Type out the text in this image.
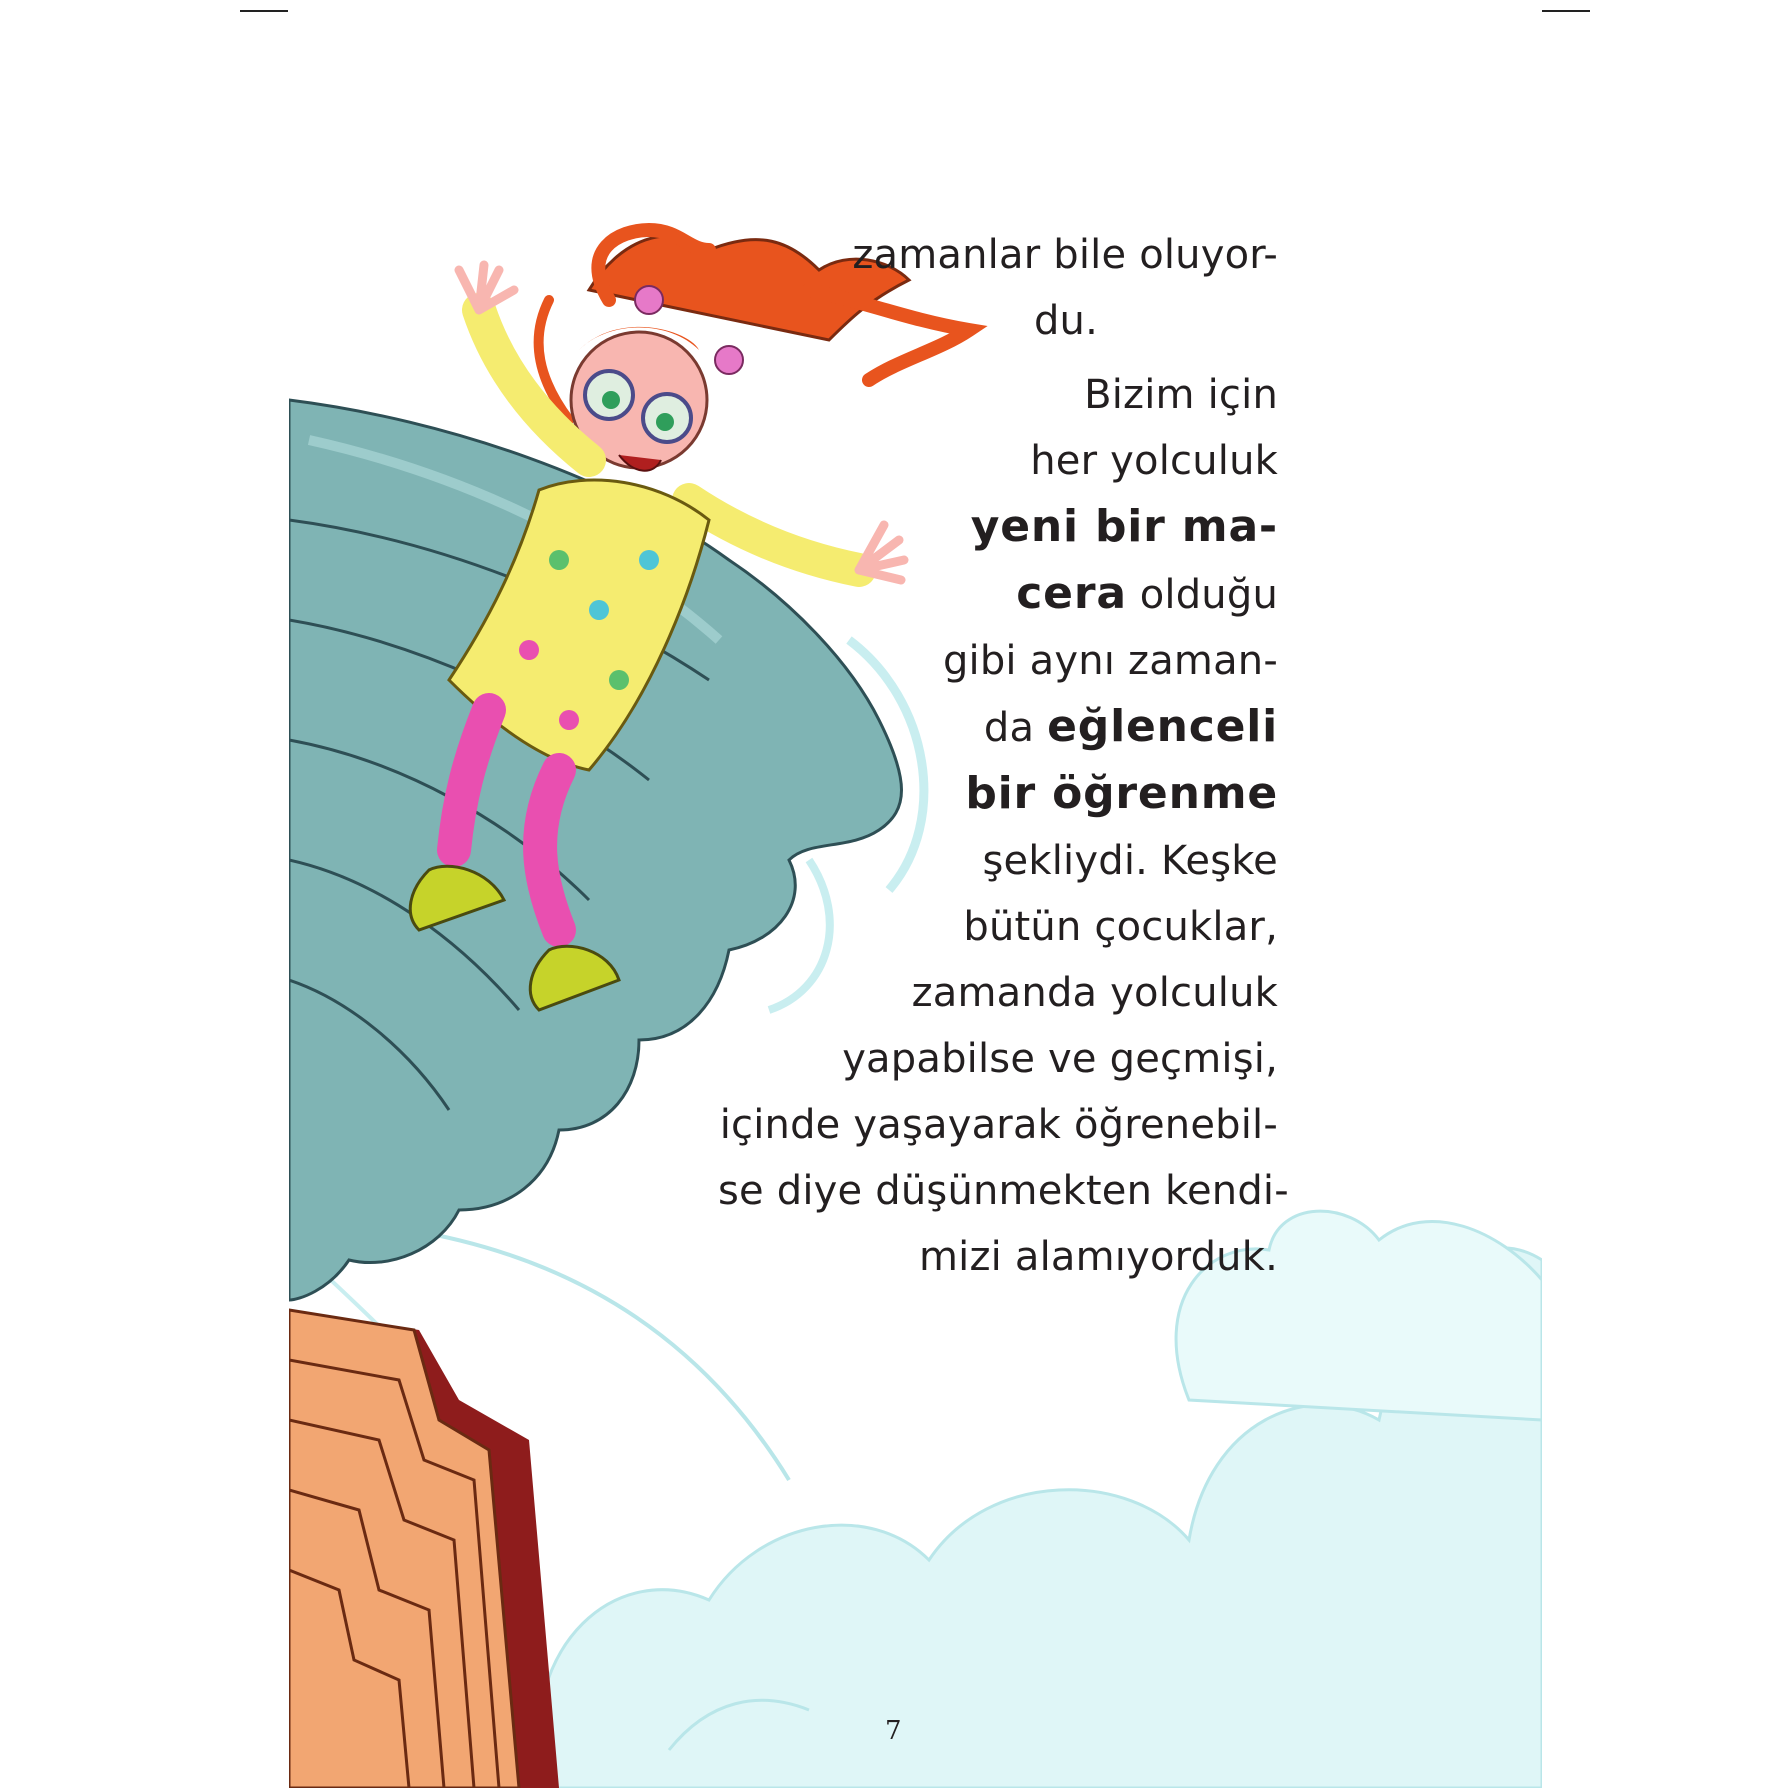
zamanlar bile oluyor-
du.
Bizim için
her yolculuk
yeni bir ma-
cera olduğu
gibi aynı zaman-
da eğlenceli
bir öğrenme
şekliydi. Keşke
bütün çocuklar,
zamanda yolculuk
yapabilse ve geçmişi,
içinde yaşayarak öğrenebil-
se diye düşünmekten kendi-
mizi alamıyorduk.
7
